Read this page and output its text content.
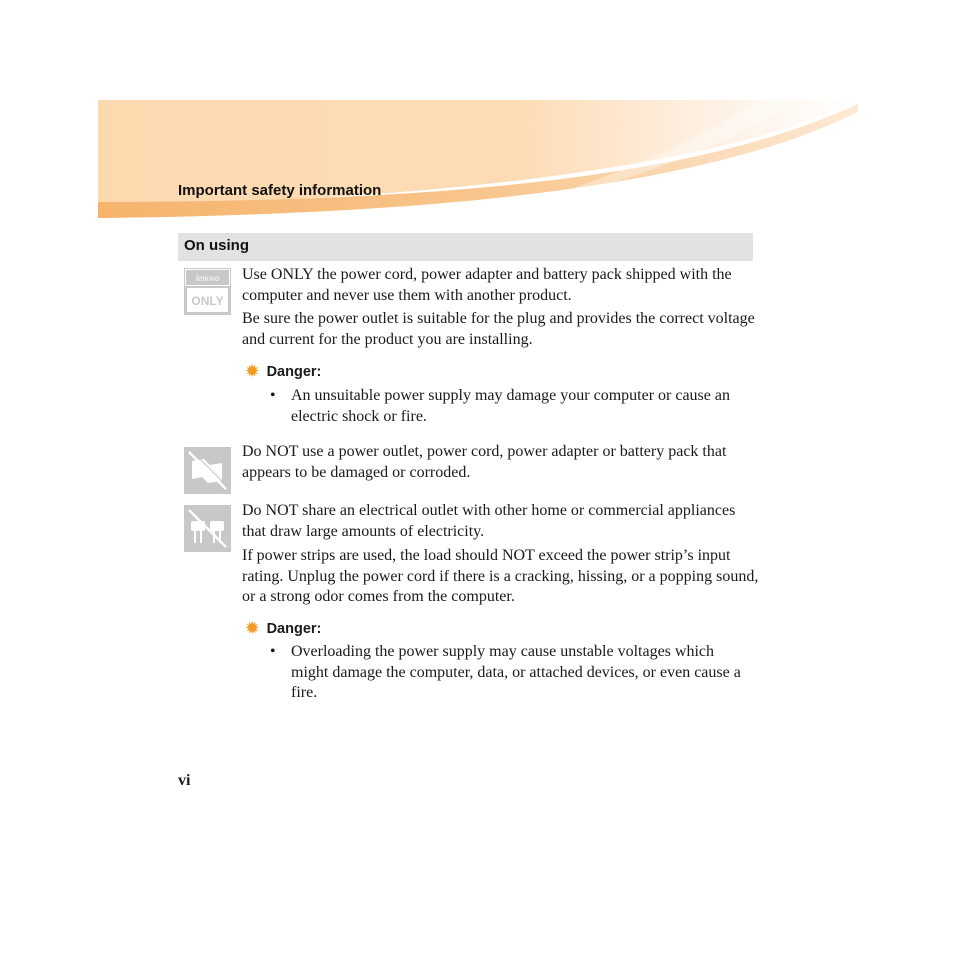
Important safety information
On using
lenovo
ONLY

Use ONLY the power cord, power adapter and battery pack shipped with the computer and never use them with another product.

Be sure the power outlet is suitable for the plug and provides the correct voltage and current for the product you are installing.

✹ Danger:
• An unsuitable power supply may damage your computer or cause an electric shock or fire.

Do NOT use a power outlet, power cord, power adapter or battery pack that appears to be damaged or corroded.

Do NOT share an electrical outlet with other home or commercial appliances that draw large amounts of electricity.

If power strips are used, the load should NOT exceed the power strip’s input rating. Unplug the power cord if there is a cracking, hissing, or a popping sound, or a strong odor comes from the computer.

✹ Danger:
• Overloading the power supply may cause unstable voltages which might damage the computer, data, or attached devices, or even cause a fire.
vi
